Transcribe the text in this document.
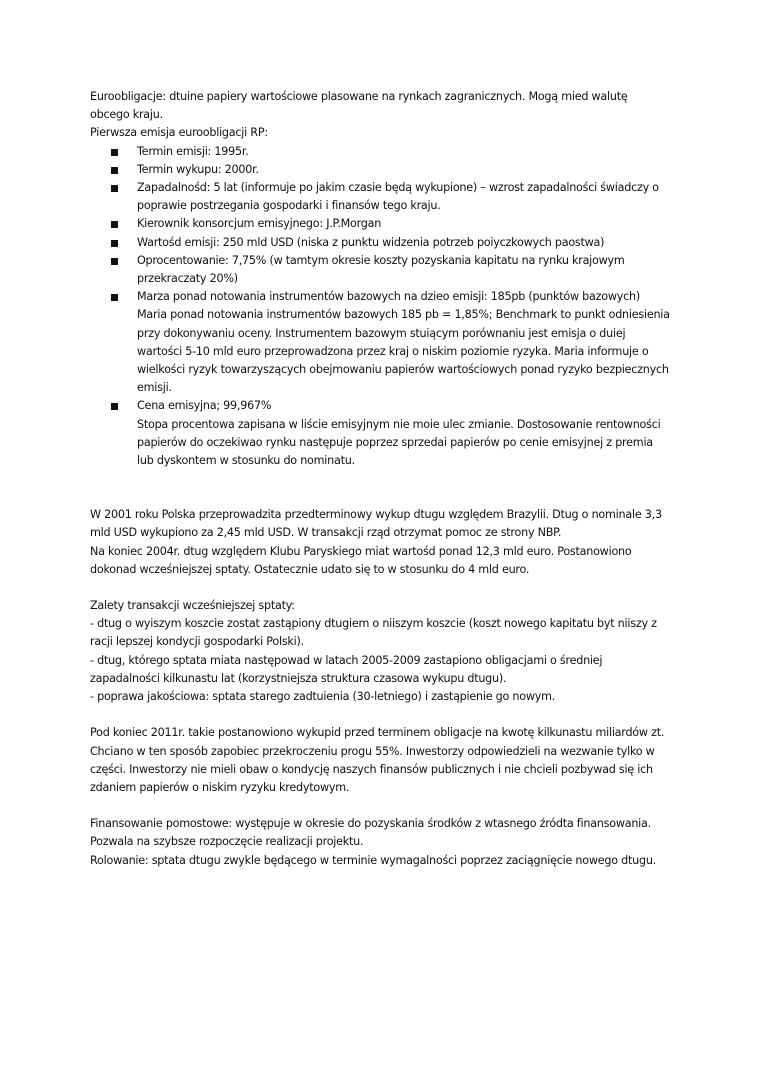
Euroobligacje: dtuine papiery wartościowe plasowane na rynkach zagranicznych. Mogą mied walutę obcego kraju.

Pierwsza emisja euroobligacji RP:

Termin emisji: 1995r.
Termin wykupu: 2000r.
Zapadalnośd: 5 lat (informuje po jakim czasie będą wykupione) – wzrost zapadalności świadczy o poprawie postrzegania gospodarki i finansów tego kraju.
Kierownik konsorcjum emisyjnego: J.P.Morgan
Wartośd emisji: 250 mld USD (niska z punktu widzenia potrzeb poiyczkowych paostwa)
Oprocentowanie: 7,75% (w tamtym okresie koszty pozyskania kapitatu na rynku krajowym przekraczaty 20%)
Marza ponad notowania instrumentów bazowych na dzieo emisji: 185pb (punktów bazowych) Maria ponad notowania instrumentów bazowych 185 pb = 1,85%; Benchmark to punkt odniesienia przy dokonywaniu oceny. Instrumentem bazowym stuiącym porównaniu jest emisja o duiej wartości 5-10 mld euro przeprowadzona przez kraj o niskim poziomie ryzyka. Maria informuje o wielkości ryzyk towarzyszących obejmowaniu papierów wartościowych ponad ryzyko bezpiecznych emisji.
Cena emisyjna; 99,967%
Stopa procentowa zapisana w liście emisyjnym nie moie ulec zmianie. Dostosowanie rentowności papierów do oczekiwao rynku następuje poprzez sprzedai papierów po cenie emisyjnej z premia lub dyskontem w stosunku do nominatu.

W 2001 roku Polska przeprowadzita przedterminowy wykup dtugu względem Brazylii. Dtug o nominale 3,3 mld USD wykupiono za 2,45 mld USD. W transakcji rząd otrzymat pomoc ze strony NBP.

Na koniec 2004r. dtug względem Klubu Paryskiego miat wartośd ponad 12,3 mld euro. Postanowiono dokonad wcześniejszej sptaty. Ostatecznie udato się to w stosunku do 4 mld euro.

Zalety transakcji wcześniejszej sptaty:

- dtug o wyiszym koszcie zostat zastąpiony dtugiem o niiszym koszcie (koszt nowego kapitatu byt niiszy z racji lepszej kondycji gospodarki Polski).

- dtug, którego sptata miata następowad w latach 2005-2009 zastapiono obligacjami o średniej zapadalności kilkunastu lat (korzystniejsza struktura czasowa wykupu dtugu).

- poprawa jakościowa: sptata starego zadtuienia (30-letniego) i zastąpienie go nowym.

Pod koniec 2011r. takie postanowiono wykupid przed terminem obligacje na kwotę kilkunastu miliardów zt. Chciano w ten sposób zapobiec przekroczeniu progu 55%. Inwestorzy odpowiedzieli na wezwanie tylko w części. Inwestorzy nie mieli obaw o kondycję naszych finansów publicznych i nie chcieli pozbywad się ich zdaniem papierów o niskim ryzyku kredytowym.

Finansowanie pomostowe: występuje w okresie do pozyskania środków z wtasnego źródta finansowania. Pozwala na szybsze rozpoczęcie realizacji projektu.

Rolowanie: sptata dtugu zwykle będącego w terminie wymagalności poprzez zaciągnięcie nowego dtugu.
